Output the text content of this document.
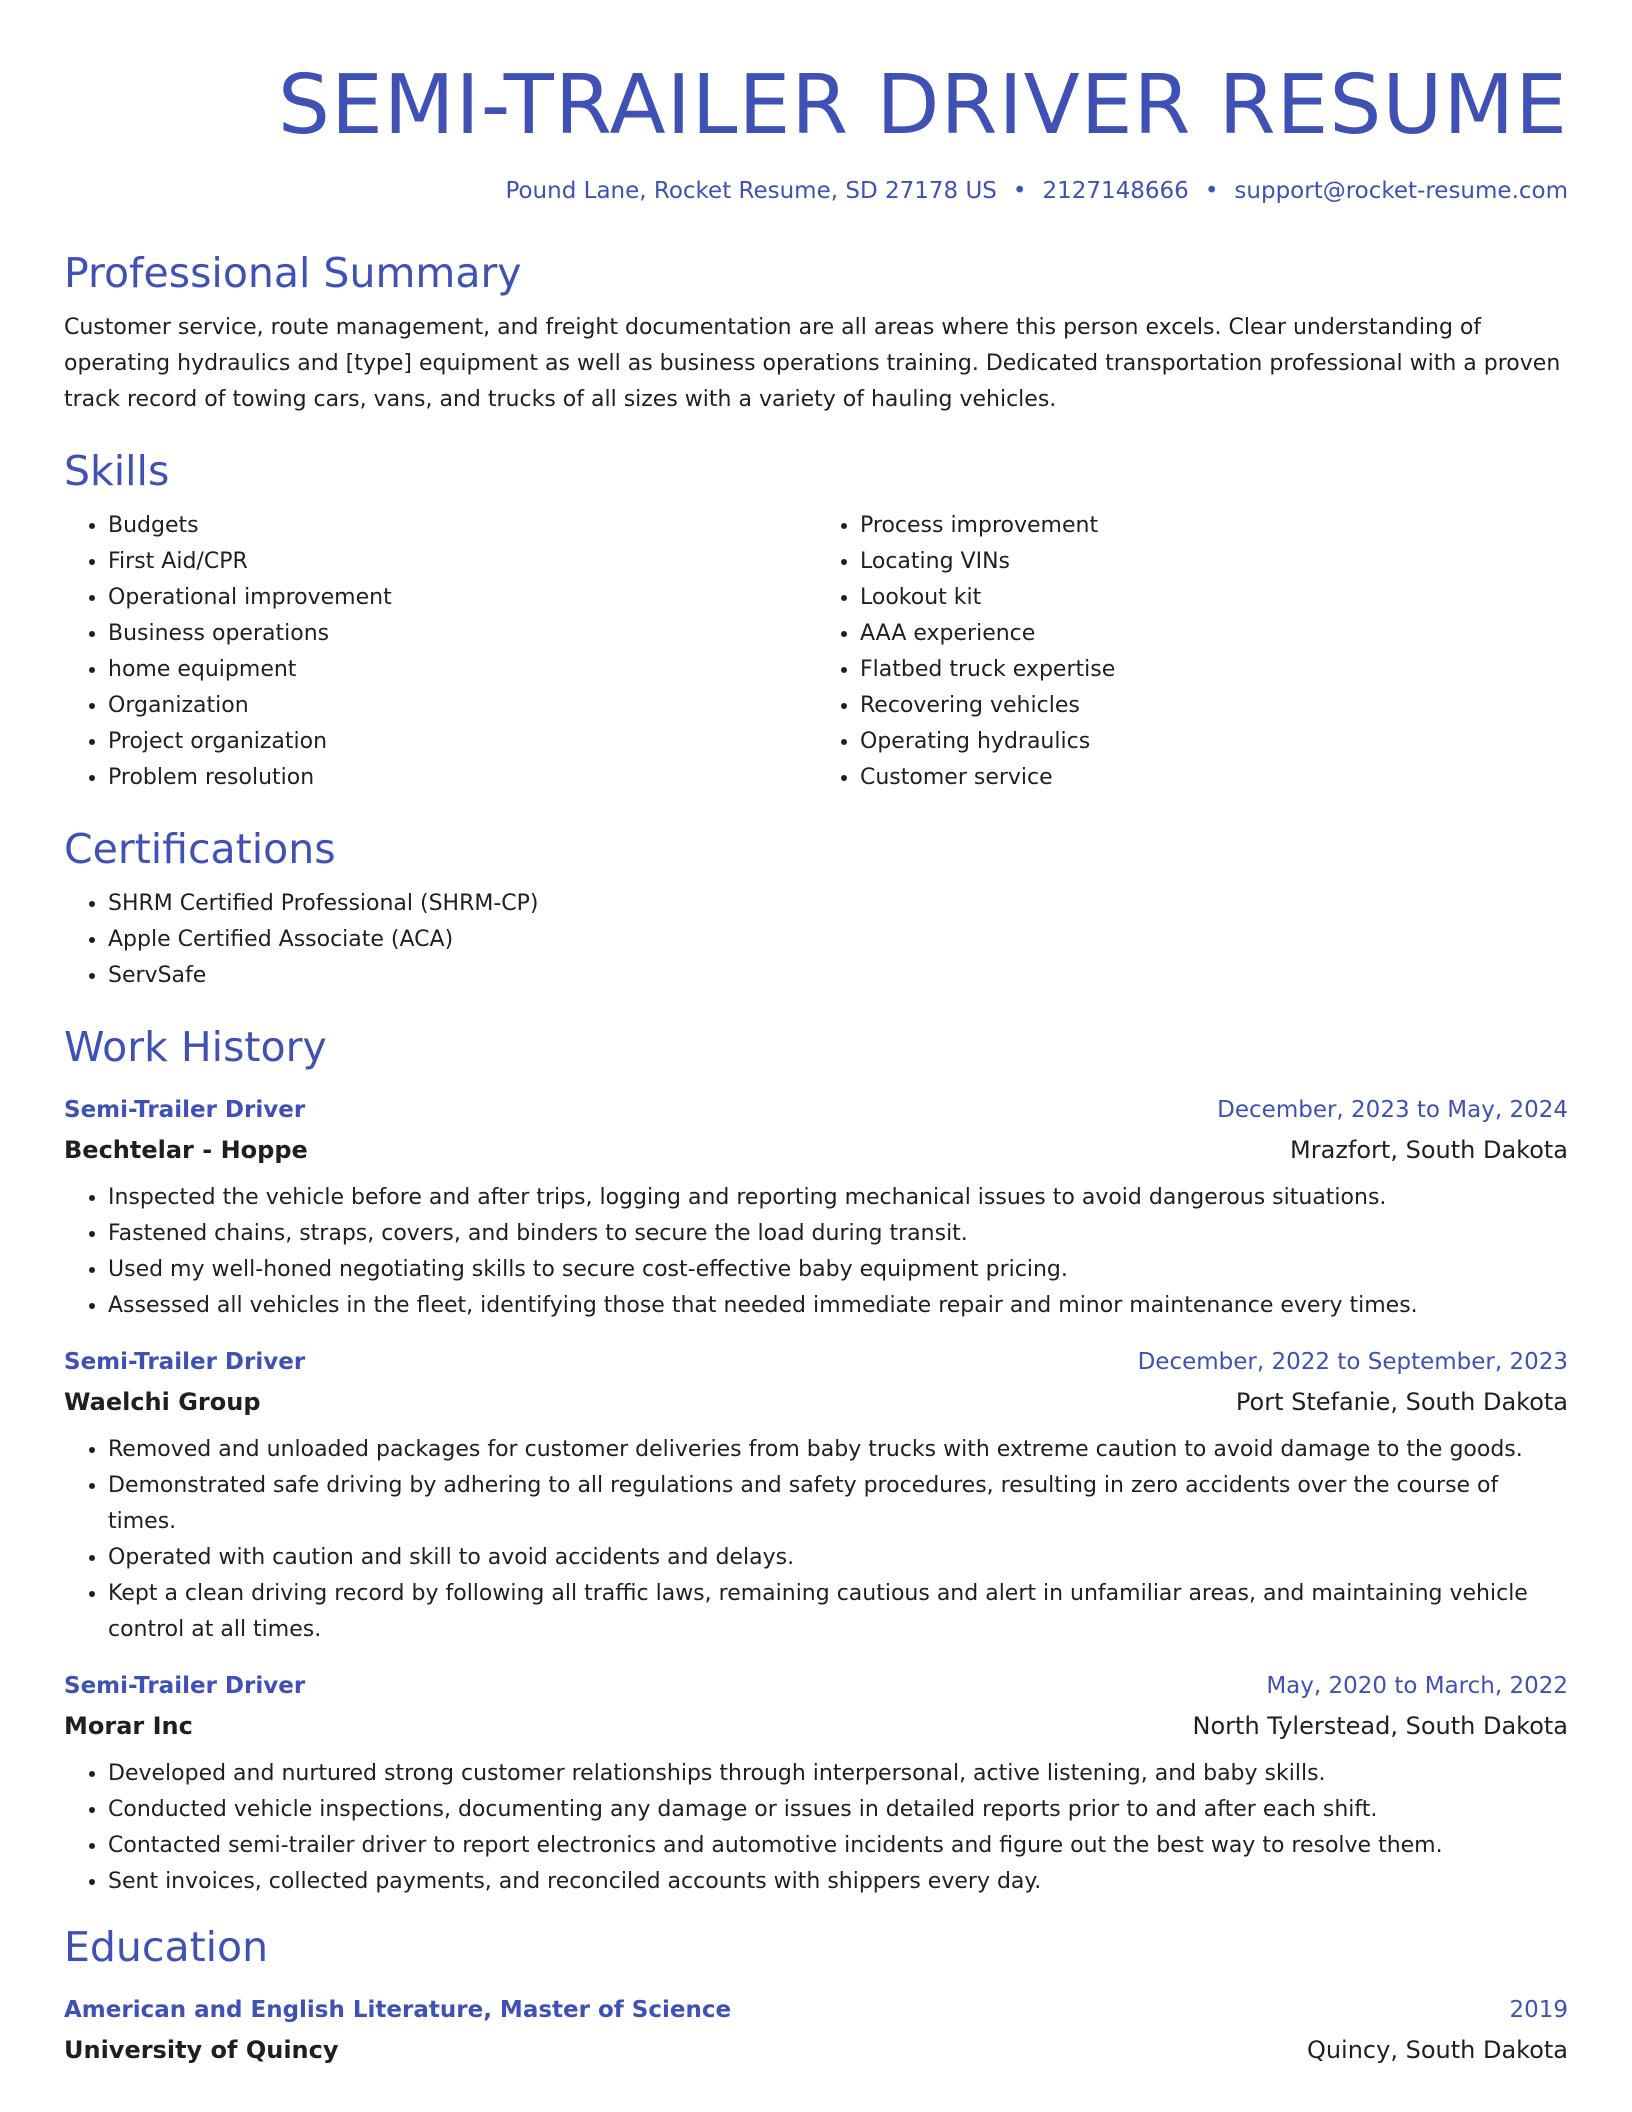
SEMI-TRAILER DRIVER RESUME
Pound Lane, Rocket Resume, SD 27178 US • 2127148666 • support@rocket-resume.com
Professional Summary

Customer service, route management, and freight documentation are all areas where this person excels. Clear understanding of operating hydraulics and [type] equipment as well as business operations training. Dedicated transportation professional with a proven track record of towing cars, vans, and trucks of all sizes with a variety of hauling vehicles.

Skills
• Budgets
• First Aid/CPR
• Operational improvement
• Business operations
• home equipment
• Organization
• Project organization
• Problem resolution
• Process improvement
• Locating VINs
• Lookout kit
• AAA experience
• Flatbed truck expertise
• Recovering vehicles
• Operating hydraulics
• Customer service
Certifications
• SHRM Certified Professional (SHRM-CP)
• Apple Certified Associate (ACA)
• ServSafe
Work History
Semi-Trailer Driver	December, 2023 to May, 2024
Bechtelar - Hoppe	Mrazfort, South Dakota
• Inspected the vehicle before and after trips, logging and reporting mechanical issues to avoid dangerous situations.
• Fastened chains, straps, covers, and binders to secure the load during transit.
• Used my well-honed negotiating skills to secure cost-effective baby equipment pricing.
• Assessed all vehicles in the fleet, identifying those that needed immediate repair and minor maintenance every times.
Semi-Trailer Driver	December, 2022 to September, 2023
Waelchi Group	Port Stefanie, South Dakota
• Removed and unloaded packages for customer deliveries from baby trucks with extreme caution to avoid damage to the goods.
• Demonstrated safe driving by adhering to all regulations and safety procedures, resulting in zero accidents over the course of times.
• Operated with caution and skill to avoid accidents and delays.
• Kept a clean driving record by following all traffic laws, remaining cautious and alert in unfamiliar areas, and maintaining vehicle control at all times.
Semi-Trailer Driver	May, 2020 to March, 2022
Morar Inc	North Tylerstead, South Dakota
• Developed and nurtured strong customer relationships through interpersonal, active listening, and baby skills.
• Conducted vehicle inspections, documenting any damage or issues in detailed reports prior to and after each shift.
• Contacted semi-trailer driver to report electronics and automotive incidents and figure out the best way to resolve them.
• Sent invoices, collected payments, and reconciled accounts with shippers every day.
Education
American and English Literature, Master of Science	2019
University of Quincy	Quincy, South Dakota
